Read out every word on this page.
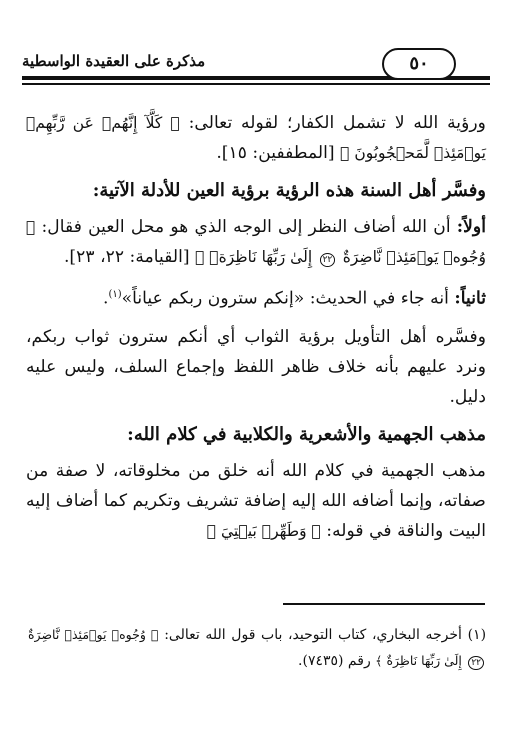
مذكرة على العقيدة الواسطية	٥٠

ورؤية الله لا تشمل الكفار؛ لقوله تعالى: ﴿ كَلَّآ إِنَّهُمۡ عَن رَّبِّهِمۡ يَوۡمَئِذٖ لَّمَحۡجُوبُونَ ﴾ [المطففين: ١٥].

وفسَّر أهل السنة هذه الرؤية برؤية العين للأدلة الآتية:

أولاً: أن الله أضاف النظر إلى الوجه الذي هو محل العين فقال: ﴿ وُجُوهٞ يَوۡمَئِذٖ نَّاضِرَةٌ ٢٢ إِلَىٰ رَبِّهَا نَاظِرَةٞ ﴾ [القيامة: ٢٢، ٢٣].

ثانياً: أنه جاء في الحديث: «إنكم سترون ربكم عياناً»$^{(١)}$.

وفسَّره أهل التأويل برؤية الثواب أي أنكم سترون ثواب ربكم، ونرد عليهم بأنه خلاف ظاهر اللفظ وإجماع السلف، وليس عليه دليل.

مذهب الجهمية والأشعرية والكلابية في كلام الله:

مذهب الجهمية في كلام الله أنه خلق من مخلوقاته، لا صفة من صفاته، وإنما أضافه الله إليه إضافة تشريف وتكريم كما أضاف إليه البيت والناقة في قوله: ﴿ وَطَهِّرۡ بَيۡتِيَ ﴾

(١) أخرجه البخاري، كتاب التوحيد، باب قول الله تعالى: ﴿ وُجُوهٞ يَوۡمَئِذٖ نَّاضِرَةٌ ٢٢ إِلَىٰ رَبِّهَا نَاظِرَةٌ ﴾ رقم (٧٤٣٥).
